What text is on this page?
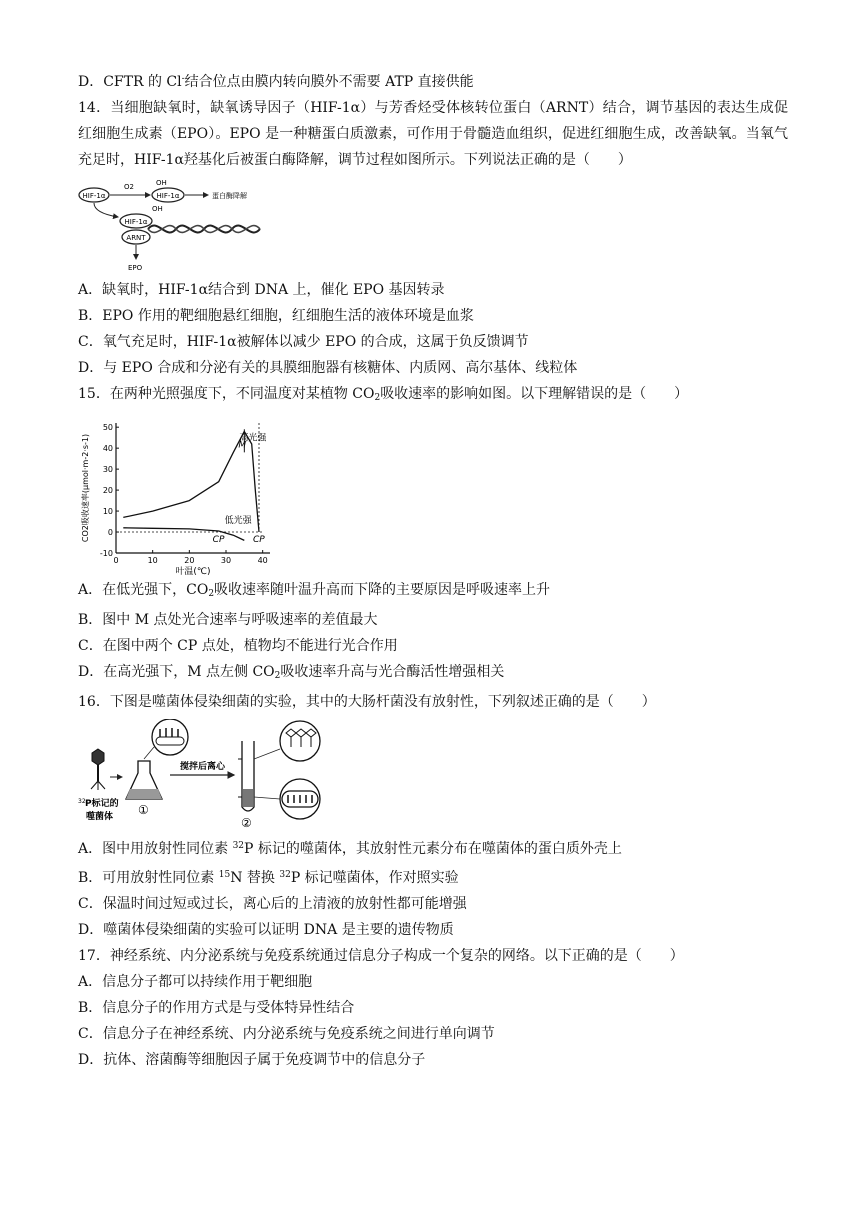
D．CFTR 的 Cl-结合位点由膜内转向膜外不需要 ATP 直接供能
14．当细胞缺氧时，缺氧诱导因子（HIF-1α）与芳香烃受体核转位蛋白（ARNT）结合，调节基因的表达生成促红细胞生成素（EPO）。EPO 是一种糖蛋白质激素，可作用于骨髓造血组织，促进红细胞生成，改善缺氧。当氧气充足时，HIF-1α羟基化后被蛋白酶降解，调节过程如图所示。下列说法正确的是（　　）
HIF-1α
O2
HIF-1α
OH
OH
蛋白酶降解
HIF-1α
ARNT
EPO
A．缺氧时，HIF-1α结合到 DNA 上，催化 EPO 基因转录
B．EPO 作用的靶细胞悬红细胞，红细胞生活的液体环境是血浆
C．氧气充足时，HIF-1α被解体以减少 EPO 的合成，这属于负反馈调节
D．与 EPO 合成和分泌有关的具膜细胞器有核糖体、内质网、高尔基体、线粒体
15．在两种光照强度下，不同温度对某植物 $CO_2$吸收速率的影响如图。以下理解错误的是（　　）
-10
0
10
20
30
40
50
0	10	20	30	40
叶温(℃)
CO2吸收速率(μmol·m-2·s-1)	高光强
低光强
M
CP	CP
A．在低光强下，$CO_2$吸收速率随叶温升高而下降的主要原因是呼吸速率上升
B．图中 M 点处光合速率与呼吸速率的差值最大
C．在图中两个 CP 点处，植物均不能进行光合作用
D．在高光强下，M 点左侧 $CO_2$吸收速率升高与光合酶活性增强相关
16．下图是噬菌体侵染细菌的实验，其中的大肠杆菌没有放射性，下列叙述正确的是（　　）
搅拌后离心
32 P标记的
噬菌体 ①
②
A．图中用放射性同位素 $^{32}$P 标记的噬菌体，其放射性元素分布在噬菌体的蛋白质外壳上
B．可用放射性同位素 $^{15}$N 替换 $^{32}$P 标记噬菌体，作对照实验
C．保温时间过短或过长，离心后的上清液的放射性都可能增强
D．噬菌体侵染细菌的实验可以证明 DNA 是主要的遗传物质
17．神经系统、内分泌系统与免疫系统通过信息分子构成一个复杂的网络。以下正确的是（　　）
A．信息分子都可以持续作用于靶细胞
B．信息分子的作用方式是与受体特异性结合
C．信息分子在神经系统、内分泌系统与免疫系统之间进行单向调节
D．抗体、溶菌酶等细胞因子属于免疫调节中的信息分子
